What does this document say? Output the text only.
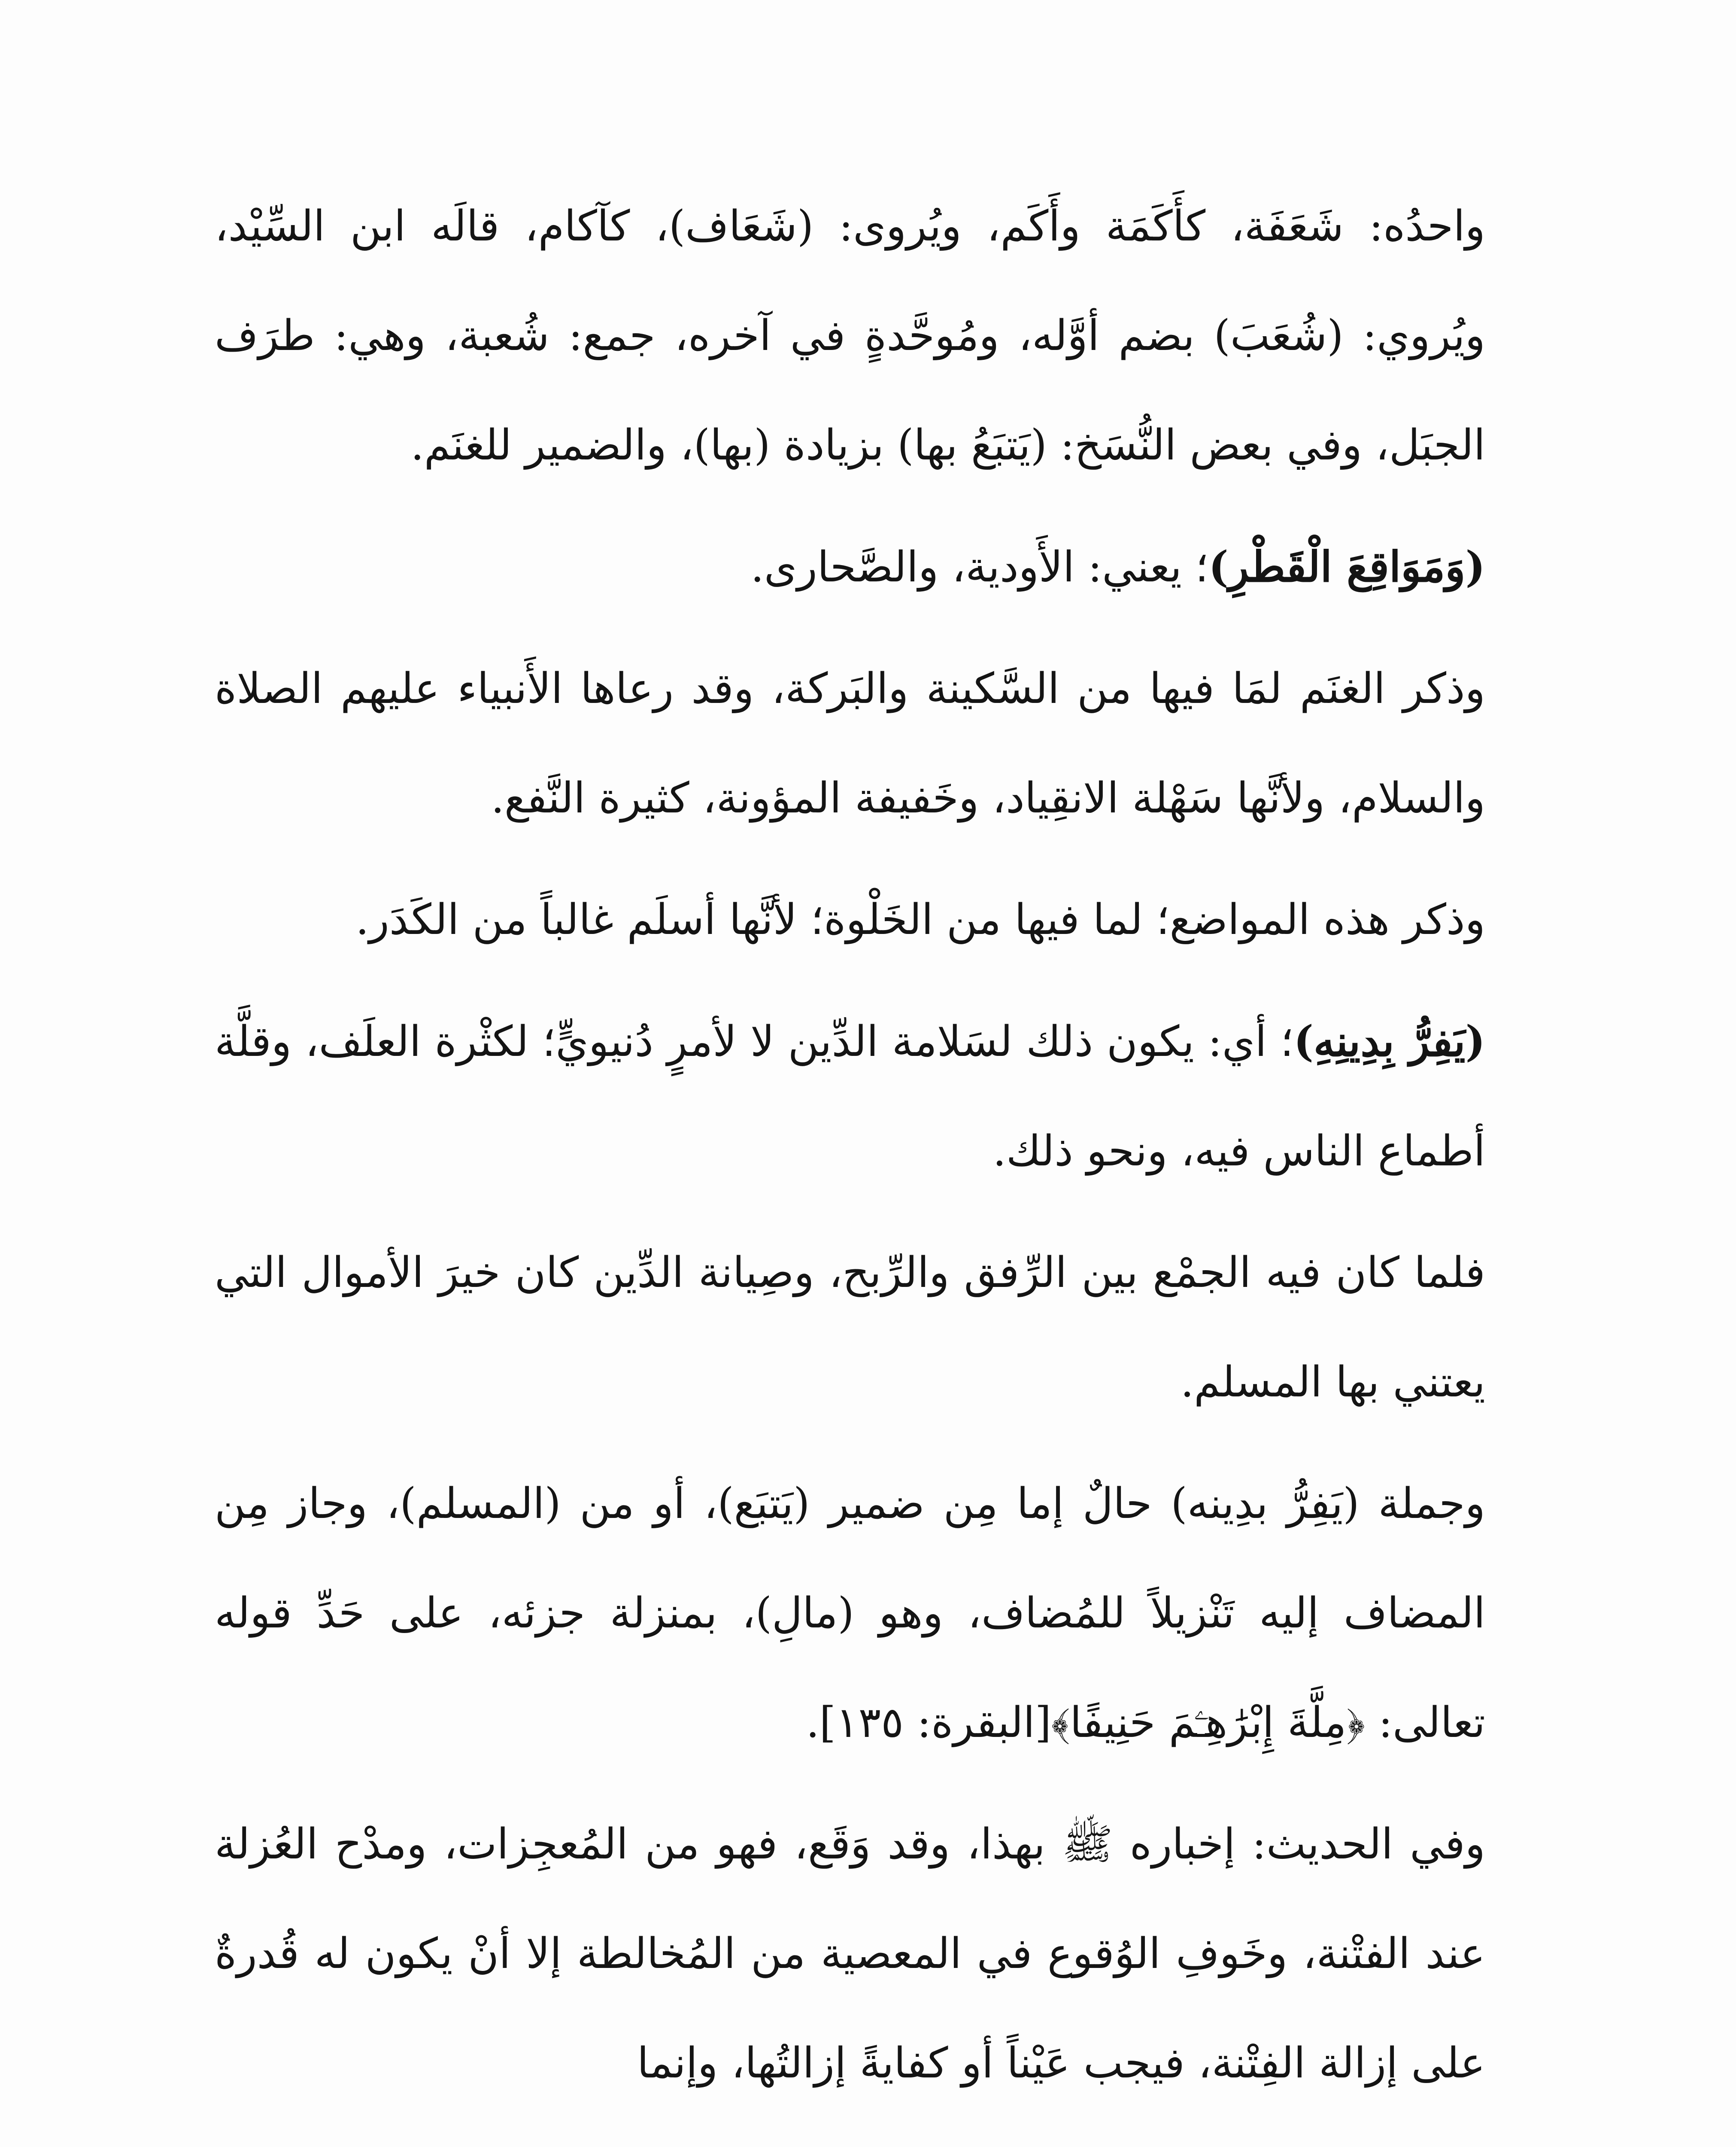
واحدُه: شَعَفَة، كأَكَمَة وأَكَم، ويُروى: (شَعَاف)، كآكام، قالَه ابن السِّيْد، ويُروي: (شُعَبَ) بضم أوَّله، ومُوحَّدةٍ في آخره، جمع: شُعبة، وهي: طرَف الجبَل، وفي بعض النُّسَخ: (يَتبَعُ بها) بزيادة (بها)، والضمير للغنَم.

(وَمَوَاقِعَ الْقَطْرِ)؛ يعني: الأَودية، والصَّحارى.

وذكر الغنَم لمَا فيها من السَّكينة والبَركة، وقد رعاها الأَنبياء عليهم الصلاة والسلام، ولأنَّها سَهْلة الانقِياد، وخَفيفة المؤونة، كثيرة النَّفع.

وذكر هذه المواضع؛ لما فيها من الخَلْوة؛ لأنَّها أسلَم غالباً من الكَدَر.

(يَفِرُّ بِدِينِهِ)؛ أي: يكون ذلك لسَلامة الدِّين لا لأمرٍ دُنيويٍّ؛ لكثْرة العلَف، وقلَّة أطماع الناس فيه، ونحو ذلك.

فلما كان فيه الجمْع بين الرِّفق والرِّبح، وصِيانة الدِّين كان خيرَ الأموال التي يعتني بها المسلم.

وجملة (يَفِرُّ بدِينه) حالٌ إما مِن ضمير (يَتبَع)، أو من (المسلم)، وجاز مِن المضاف إليه تَنْزيلاً للمُضاف، وهو (مالِ)، بمنزلة جزئه، على حَدِّ قوله تعالى: ﴿مِلَّةَ إِبْرَٰهِـۧمَ حَنِيفًا﴾[البقرة: ١٣٥].

وفي الحديث: إخباره ﷺ بهذا، وقد وَقَع، فهو من المُعجِزات، ومدْح العُزلة عند الفتْنة، وخَوفِ الوُقوع في المعصية من المُخالطة إلا أنْ يكون له قُدرةٌ على إزالة الفِتْنة، فيجب عَيْناً أو كفايةً إزالتُها، وإنما
